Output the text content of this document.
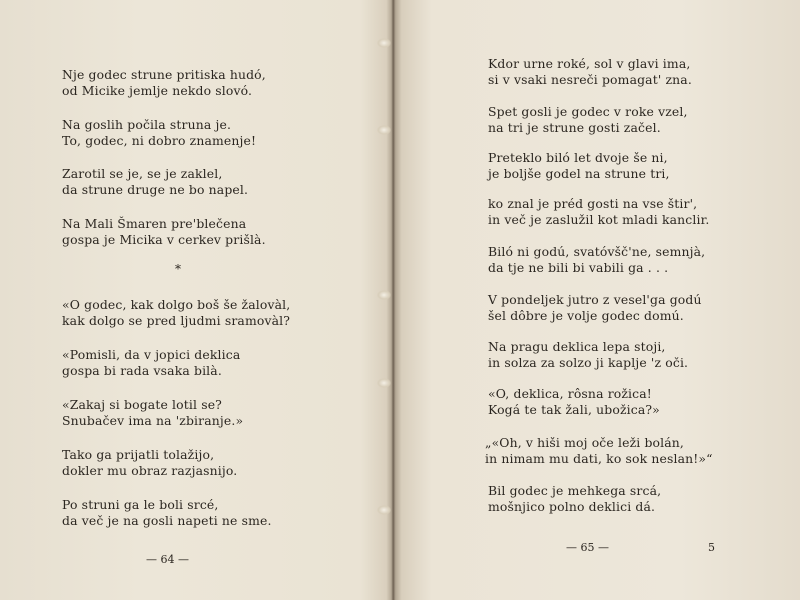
Nje godec strune pritiska hudó,
od Micike jemlje nekdo slovó.
Na goslih počila struna je.
To, godec, ni dobro znamenje!
Zarotil se je, se je zaklel,
da strune druge ne bo napel.
Na Mali Šmaren pre'blečena
gospa je Micika v cerkev prišlà.
*
«O godec, kak dolgo boš še žalovàl,
kak dolgo se pred ljudmi sramovàl?
«Pomisli, da v jopici deklica
gospa bi rada vsaka bilà.
«Zakaj si bogate lotil se?
Snubačev ima na 'zbiranje.»
Tako ga prijatli tolažijo,
dokler mu obraz razjasnijo.
Po struni ga le boli srcé,
da več je na gosli napeti ne sme.
— 64 —
Kdor urne roké, sol v glavi ima,
si v vsaki nesreči pomagat' zna.
Spet gosli je godec v roke vzel,
na tri je strune gosti začel.
Preteklo biló let dvoje še ni,
je boljše godel na strune tri,
ko znal je préd gosti na vse štir',
in več je zaslužil kot mladi kanclir.
Biló ni godú, svatóvšč'ne, semnjà,
da tje ne bili bi vabili ga . . .
V pondeljek jutro z vesel'ga godú
šel dôbre je volje godec domú.
Na pragu deklica lepa stoji,
in solza za solzo ji kaplje 'z oči.
«O, deklica, rôsna rožica!
Kogá te tak žali, ubožica?»
„«Oh, v hiši moj oče leži bolán,
in nimam mu dati, ko sok neslan!»“
Bil godec je mehkega srcá,
mošnjico polno deklici dá.
— 65 —	5
